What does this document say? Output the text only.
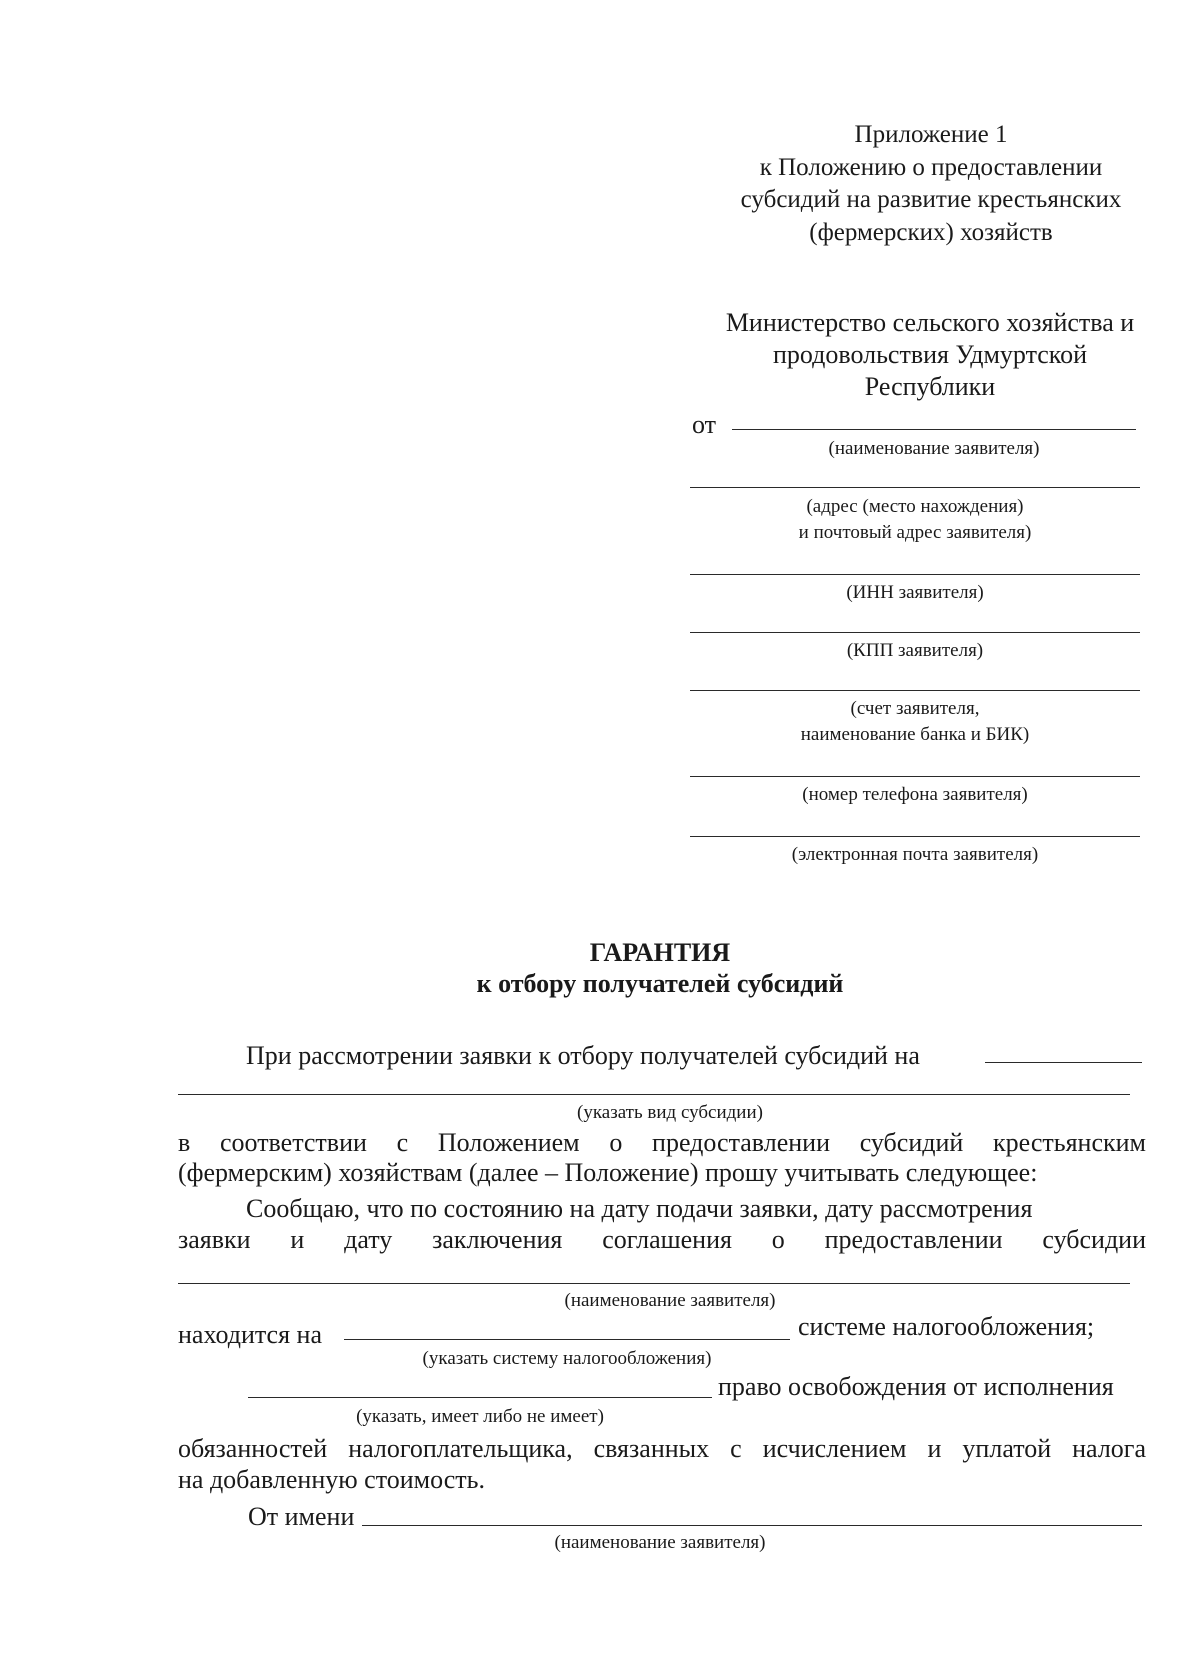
Приложение 1
к Положению о предоставлении
субсидий на развитие крестьянских
(фермерских) хозяйств
Министерство сельского хозяйства и
продовольствия Удмуртской
Республики
от
(наименование заявителя)
(адрес (место нахождения)
и почтовый адрес заявителя)
(ИНН заявителя)
(КПП заявителя)
(счет заявителя,
наименование банка и БИК)
(номер телефона заявителя)
(электронная почта заявителя)
ГАРАНТИЯ
к отбору получателей субсидий
При рассмотрении заявки к отбору получателей субсидий на
(указать вид субсидии)
в соответствии с Положением о предоставлении субсидий крестьянским
(фермерским) хозяйствам (далее – Положение) прошу учитывать следующее:
Сообщаю, что по состоянию на дату подачи заявки, дату рассмотрения
заявки и дату заключения соглашения о предоставлении субсидии
(наименование заявителя)
находится на	системе налогообложения;
(указать систему налогообложения)
право освобождения от исполнения
(указать, имеет либо не имеет)
обязанностей налогоплательщика, связанных с исчислением и уплатой налога
на добавленную стоимость.
От имени
(наименование заявителя)
